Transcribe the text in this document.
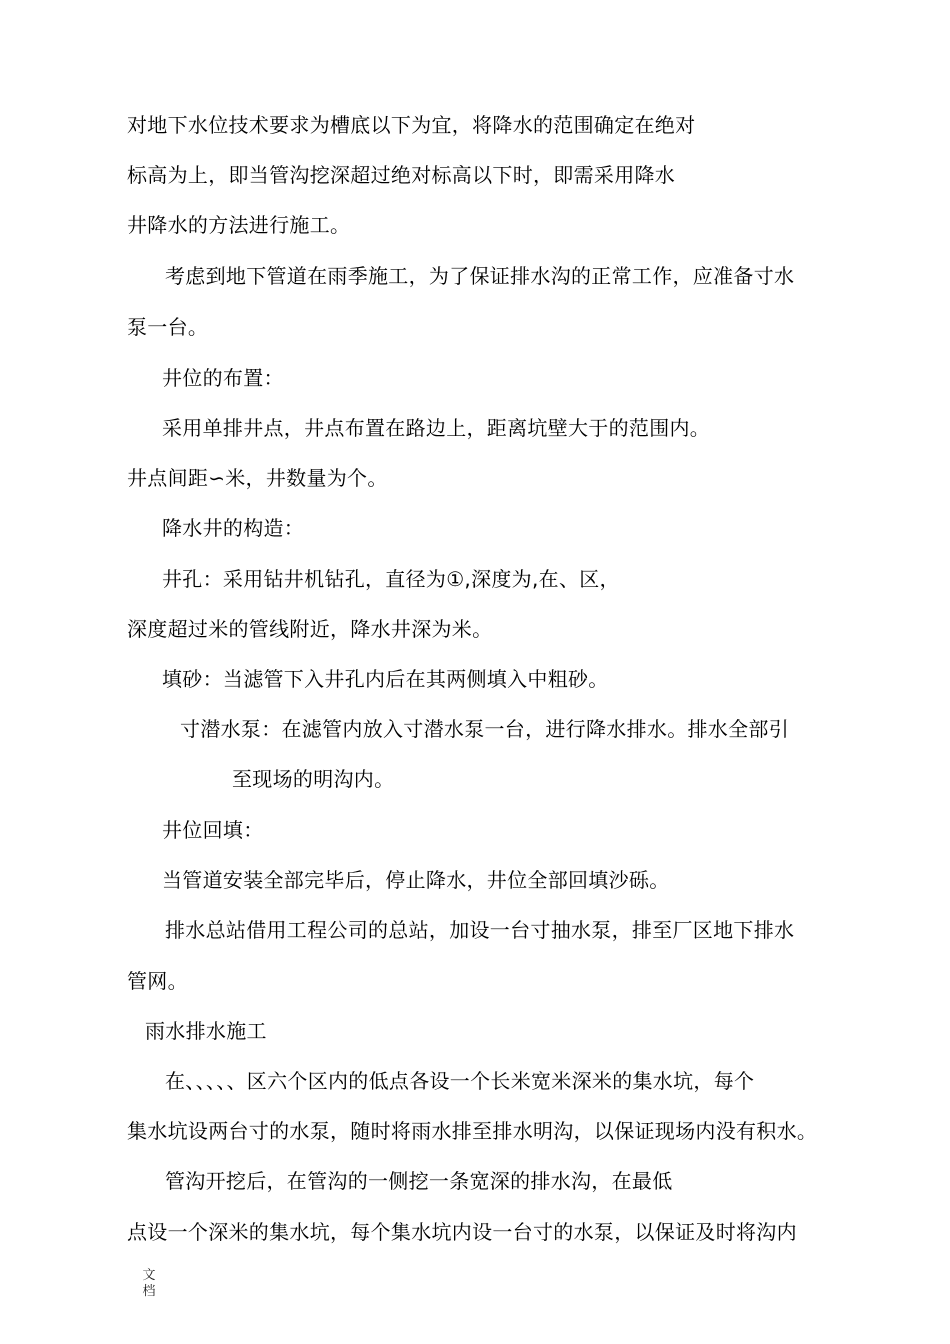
对地下水位技术要求为槽底以下为宜，将降水的范围确定在绝对
标高为上，即当管沟挖深超过绝对标高以下时，即需采用降水
井降水的方法进行施工。
考虑到地下管道在雨季施工，为了保证排水沟的正常工作，应准备寸水
泵一台。
井位的布置：
采用单排井点，井点布置在路边上，距离坑壁大于的范围内。
井点间距∽米，井数量为个。
降水井的构造：
井孔：采用钻井机钻孔，直径为①,深度为,在、区，
深度超过米的管线附近，降水井深为米。
填砂：当滤管下入井孔内后在其两侧填入中粗砂。
寸潜水泵：在滤管内放入寸潜水泵一台，进行降水排水。排水全部引
至现场的明沟内。
井位回填：
当管道安装全部完毕后，停止降水，井位全部回填沙砾。
排水总站借用工程公司的总站，加设一台寸抽水泵，排至厂区地下排水
管网。
雨水排水施工
在、、、、、区六个区内的低点各设一个长米宽米深米的集水坑，每个
集水坑设两台寸的水泵，随时将雨水排至排水明沟，以保证现场内没有积水。
管沟开挖后，在管沟的一侧挖一条宽深的排水沟，在最低
点设一个深米的集水坑，每个集水坑内设一台寸的水泵，以保证及时将沟内
文档
